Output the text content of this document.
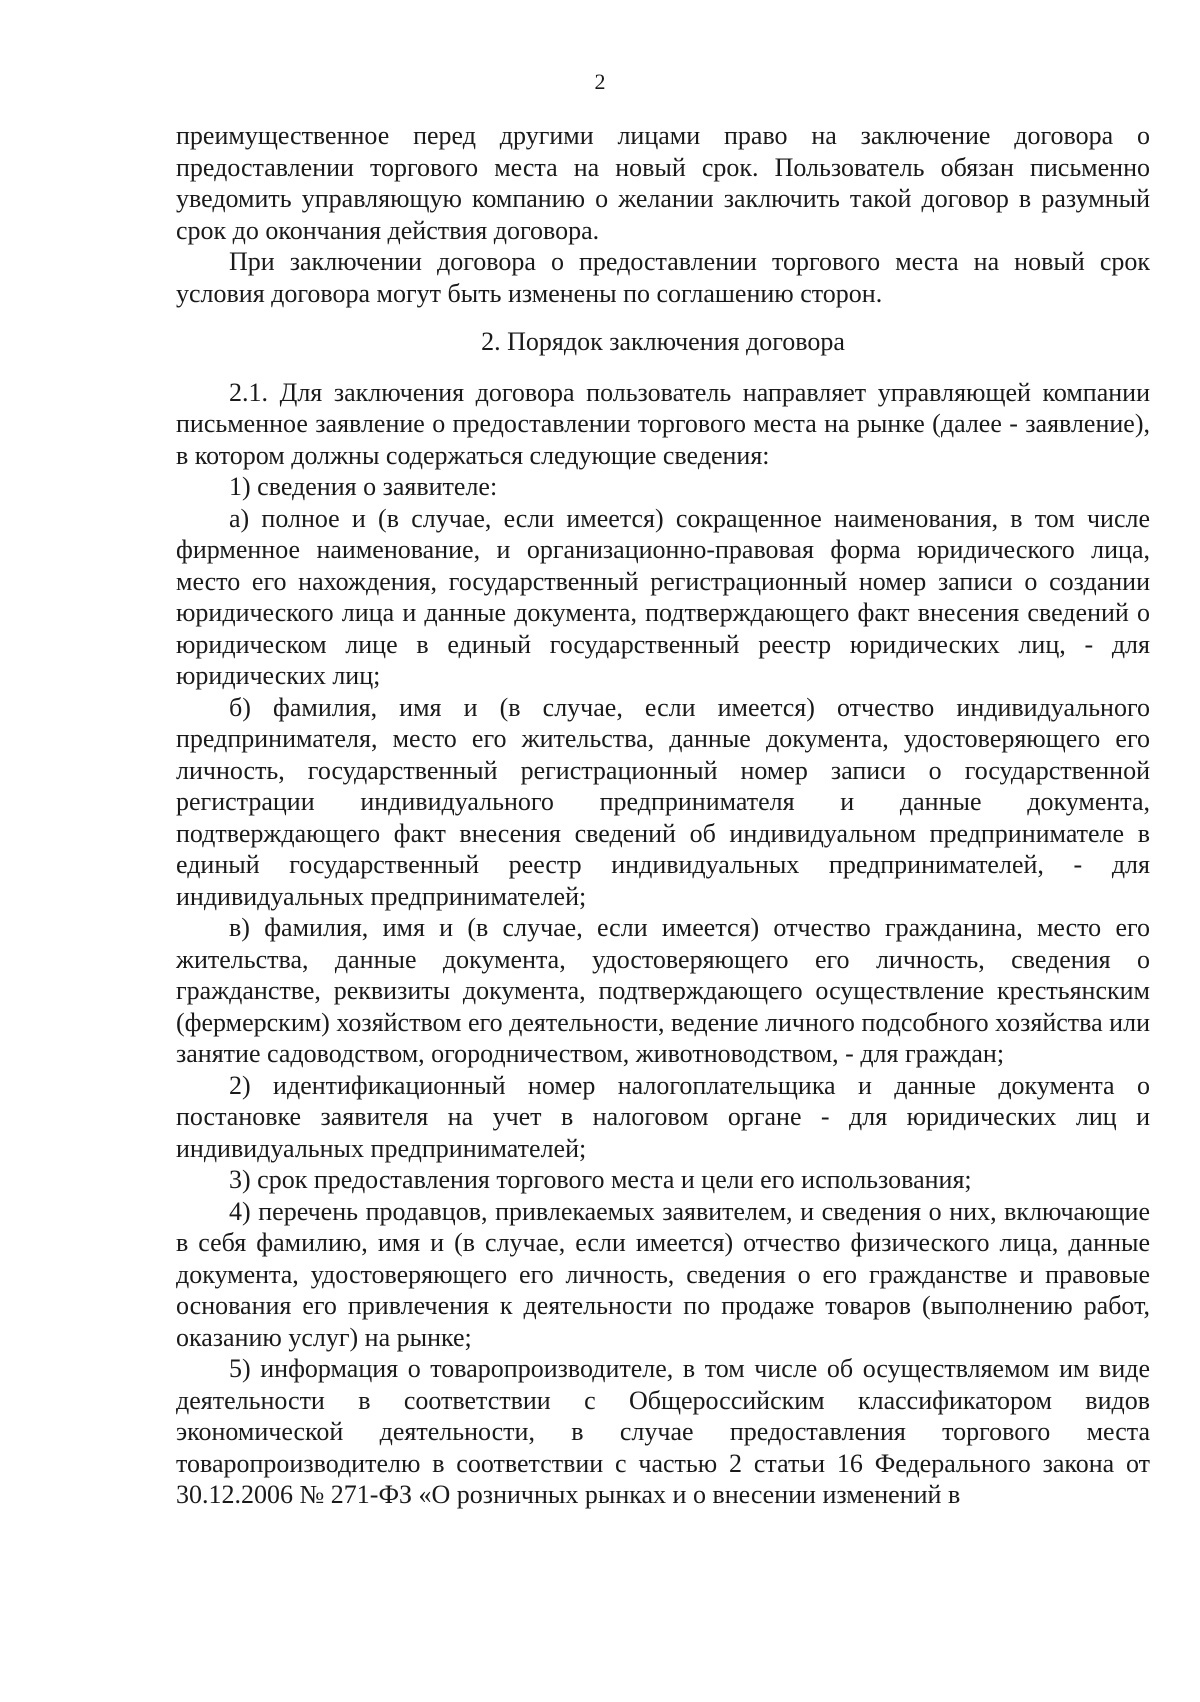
2

преимущественное перед другими лицами право на заключение договора о предоставлении торгового места на новый срок. Пользователь обязан письменно уведомить управляющую компанию о желании заключить такой договор в разумный срок до окончания действия договора.

При заключении договора о предоставлении торгового места на новый срок условия договора могут быть изменены по соглашению сторон.

2. Порядок заключения договора

2.1. Для заключения договора пользователь направляет управляющей компании письменное заявление о предоставлении торгового места на рынке (далее - заявление), в котором должны содержаться следующие сведения:

1) сведения о заявителе:

а) полное и (в случае, если имеется) сокращенное наименования, в том числе фирменное наименование, и организационно-правовая форма юридического лица, место его нахождения, государственный регистрационный номер записи о создании юридического лица и данные документа, подтверждающего факт внесения сведений о юридическом лице в единый государственный реестр юридических лиц, - для юридических лиц;

б) фамилия, имя и (в случае, если имеется) отчество индивидуального предпринимателя, место его жительства, данные документа, удостоверяющего его личность, государственный регистрационный номер записи о государственной регистрации индивидуального предпринимателя и данные документа, подтверждающего факт внесения сведений об индивидуальном предпринимателе в единый государственный реестр индивидуальных предпринимателей, - для индивидуальных предпринимателей;

в) фамилия, имя и (в случае, если имеется) отчество гражданина, место его жительства, данные документа, удостоверяющего его личность, сведения о гражданстве, реквизиты документа, подтверждающего осуществление крестьянским (фермерским) хозяйством его деятельности, ведение личного подсобного хозяйства или занятие садоводством, огородничеством, животноводством, - для граждан;

2) идентификационный номер налогоплательщика и данные документа о постановке заявителя на учет в налоговом органе - для юридических лиц и индивидуальных предпринимателей;

3) срок предоставления торгового места и цели его использования;

4) перечень продавцов, привлекаемых заявителем, и сведения о них, включающие в себя фамилию, имя и (в случае, если имеется) отчество физического лица, данные документа, удостоверяющего его личность, сведения о его гражданстве и правовые основания его привлечения к деятельности по продаже товаров (выполнению работ, оказанию услуг) на рынке;

5) информация о товаропроизводителе, в том числе об осуществляемом им виде деятельности в соответствии с Общероссийским классификатором видов экономической деятельности, в случае предоставления торгового места товаропроизводителю в соответствии с частью 2 статьи 16 Федерального закона от 30.12.2006 № 271-ФЗ «О розничных рынках и о внесении изменений в
